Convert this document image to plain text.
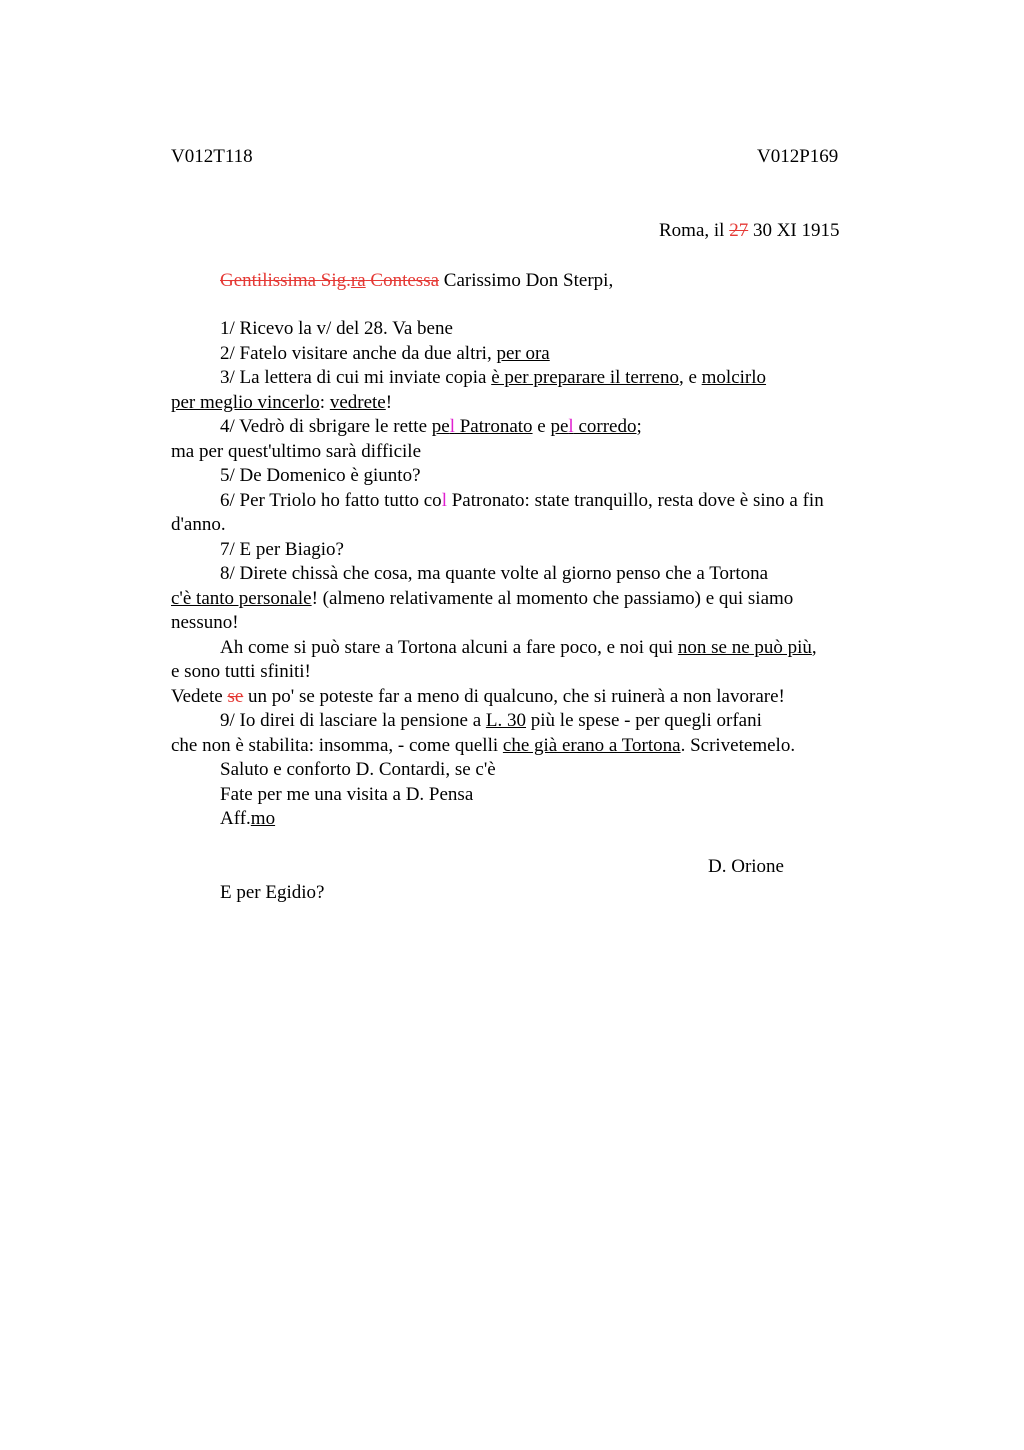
V012T118	V012P169
Roma, il 27 30 XI 1915
Gentilissima Sig.ra Contessa Carissimo Don Sterpi,
1/ Ricevo la v/ del 28. Va bene
2/ Fatelo visitare anche da due altri, per ora
3/ La lettera di cui mi inviate copia è per preparare il terreno, e molcirlo
per meglio vincerlo: vedrete!
4/ Vedrò di sbrigare le rette pel Patronato e pel corredo;
ma per quest'ultimo sarà difficile
5/ De Domenico è giunto?
6/ Per Triolo ho fatto tutto col Patronato: state tranquillo, resta dove è sino a fin
d'anno.
7/ E per Biagio?
8/ Direte chissà che cosa, ma quante volte al giorno penso che a Tortona
c'è tanto personale! (almeno relativamente al momento che passiamo) e qui siamo
nessuno!
Ah come si può stare a Tortona alcuni a fare poco, e noi qui non se ne può più,
e sono tutti sfiniti!
Vedete se un po' se poteste far a meno di qualcuno, che si ruinerà a non lavorare!
9/ Io direi di lasciare la pensione a L. 30 più le spese - per quegli orfani
che non è stabilita: insomma, - come quelli che già erano a Tortona. Scrivetemelo.
Saluto e conforto D. Contardi, se c'è
Fate per me una visita a D. Pensa
Aff.mo
D. Orione
E per Egidio?
